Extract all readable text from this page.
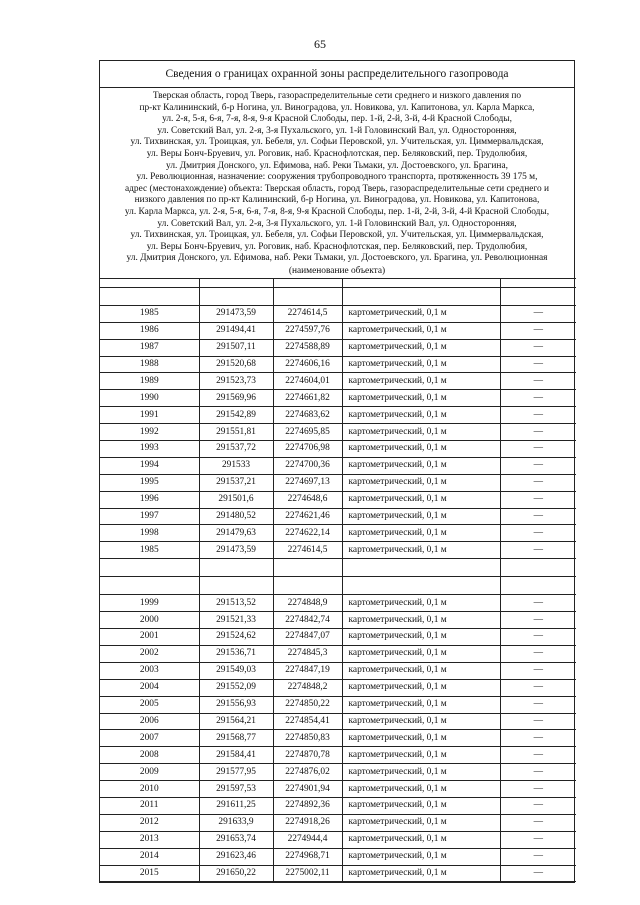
65
Сведения о границах охранной зоны распределительного газопровода
Тверская область, город Тверь, газораспределительные сети среднего и низкого давления по
пр-кт Калининский, б-р Ногина, ул. Виноградова, ул. Новикова, ул. Капитонова, ул. Карла Маркса,
ул. 2-я, 5-я, 6-я, 7-я, 8-я, 9-я Красной Слободы, пер. 1-й, 2-й, 3-й, 4-й Красной Слободы,
ул. Советский Вал, ул. 2-я, 3-я Пухальского, ул. 1-й Головинский Вал, ул. Односторонняя,
ул. Тихвинская, ул. Троицкая, ул. Бебеля, ул. Софьи Перовской, ул. Учительская, ул. Циммервальдская,
ул. Веры Бонч-Бруевич, ул. Роговик, наб. Краснофлотская, пер. Беляковский, пер. Трудолюбия,
ул. Дмитрия Донского, ул. Ефимова, наб. Реки Тьмаки, ул. Достоевского, ул. Брагина,
ул. Революционная, назначение: сооружения трубопроводного транспорта, протяженность 39 175 м,
адрес (местонахождение) объекта: Тверская область, город Тверь, газораспределительные сети среднего и
низкого давления по пр-кт Калининский, б-р Ногина, ул. Виноградова, ул. Новикова, ул. Капитонова,
ул. Карла Маркса, ул. 2-я, 5-я, 6-я, 7-я, 8-я, 9-я Красной Слободы, пер. 1-й, 2-й, 3-й, 4-й Красной Слободы,
ул. Советский Вал, ул. 2-я, 3-я Пухальского, ул. 1-й Головинский Вал, ул. Односторонняя,
ул. Тихвинская, ул. Троицкая, ул. Бебеля, ул. Софьи Перовской, ул. Учительская, ул. Циммервальдская,
ул. Веры Бонч-Бруевич, ул. Роговик, наб. Краснофлотская, пер. Беляковский, пер. Трудолюбия,
ул. Дмитрия Донского, ул. Ефимова, наб. Реки Тьмаки, ул. Достоевского, ул. Брагина, ул. Революционная
(наименование объекта)

1985	291473,59	2274614,5	картометрический, 0,1 м	—
1986	291494,41	2274597,76	картометрический, 0,1 м	—
1987	291507,11	2274588,89	картометрический, 0,1 м	—
1988	291520,68	2274606,16	картометрический, 0,1 м	—
1989	291523,73	2274604,01	картометрический, 0,1 м	—
1990	291569,96	2274661,82	картометрический, 0,1 м	—
1991	291542,89	2274683,62	картометрический, 0,1 м	—
1992	291551,81	2274695,85	картометрический, 0,1 м	—
1993	291537,72	2274706,98	картометрический, 0,1 м	—
1994	291533	2274700,36	картометрический, 0,1 м	—
1995	291537,21	2274697,13	картометрический, 0,1 м	—
1996	291501,6	2274648,6	картометрический, 0,1 м	—
1997	291480,52	2274621,46	картометрический, 0,1 м	—
1998	291479,63	2274622,14	картометрический, 0,1 м	—
1985	291473,59	2274614,5	картометрический, 0,1 м	—

1999	291513,52	2274848,9	картометрический, 0,1 м	—
2000	291521,33	2274842,74	картометрический, 0,1 м	—
2001	291524,62	2274847,07	картометрический, 0,1 м	—
2002	291536,71	2274845,3	картометрический, 0,1 м	—
2003	291549,03	2274847,19	картометрический, 0,1 м	—
2004	291552,09	2274848,2	картометрический, 0,1 м	—
2005	291556,93	2274850,22	картометрический, 0,1 м	—
2006	291564,21	2274854,41	картометрический, 0,1 м	—
2007	291568,77	2274850,83	картометрический, 0,1 м	—
2008	291584,41	2274870,78	картометрический, 0,1 м	—
2009	291577,95	2274876,02	картометрический, 0,1 м	—
2010	291597,53	2274901,94	картометрический, 0,1 м	—
2011	291611,25	2274892,36	картометрический, 0,1 м	—
2012	291633,9	2274918,26	картометрический, 0,1 м	—
2013	291653,74	2274944,4	картометрический, 0,1 м	—
2014	291623,46	2274968,71	картометрический, 0,1 м	—
2015	291650,22	2275002,11	картометрический, 0,1 м	—
